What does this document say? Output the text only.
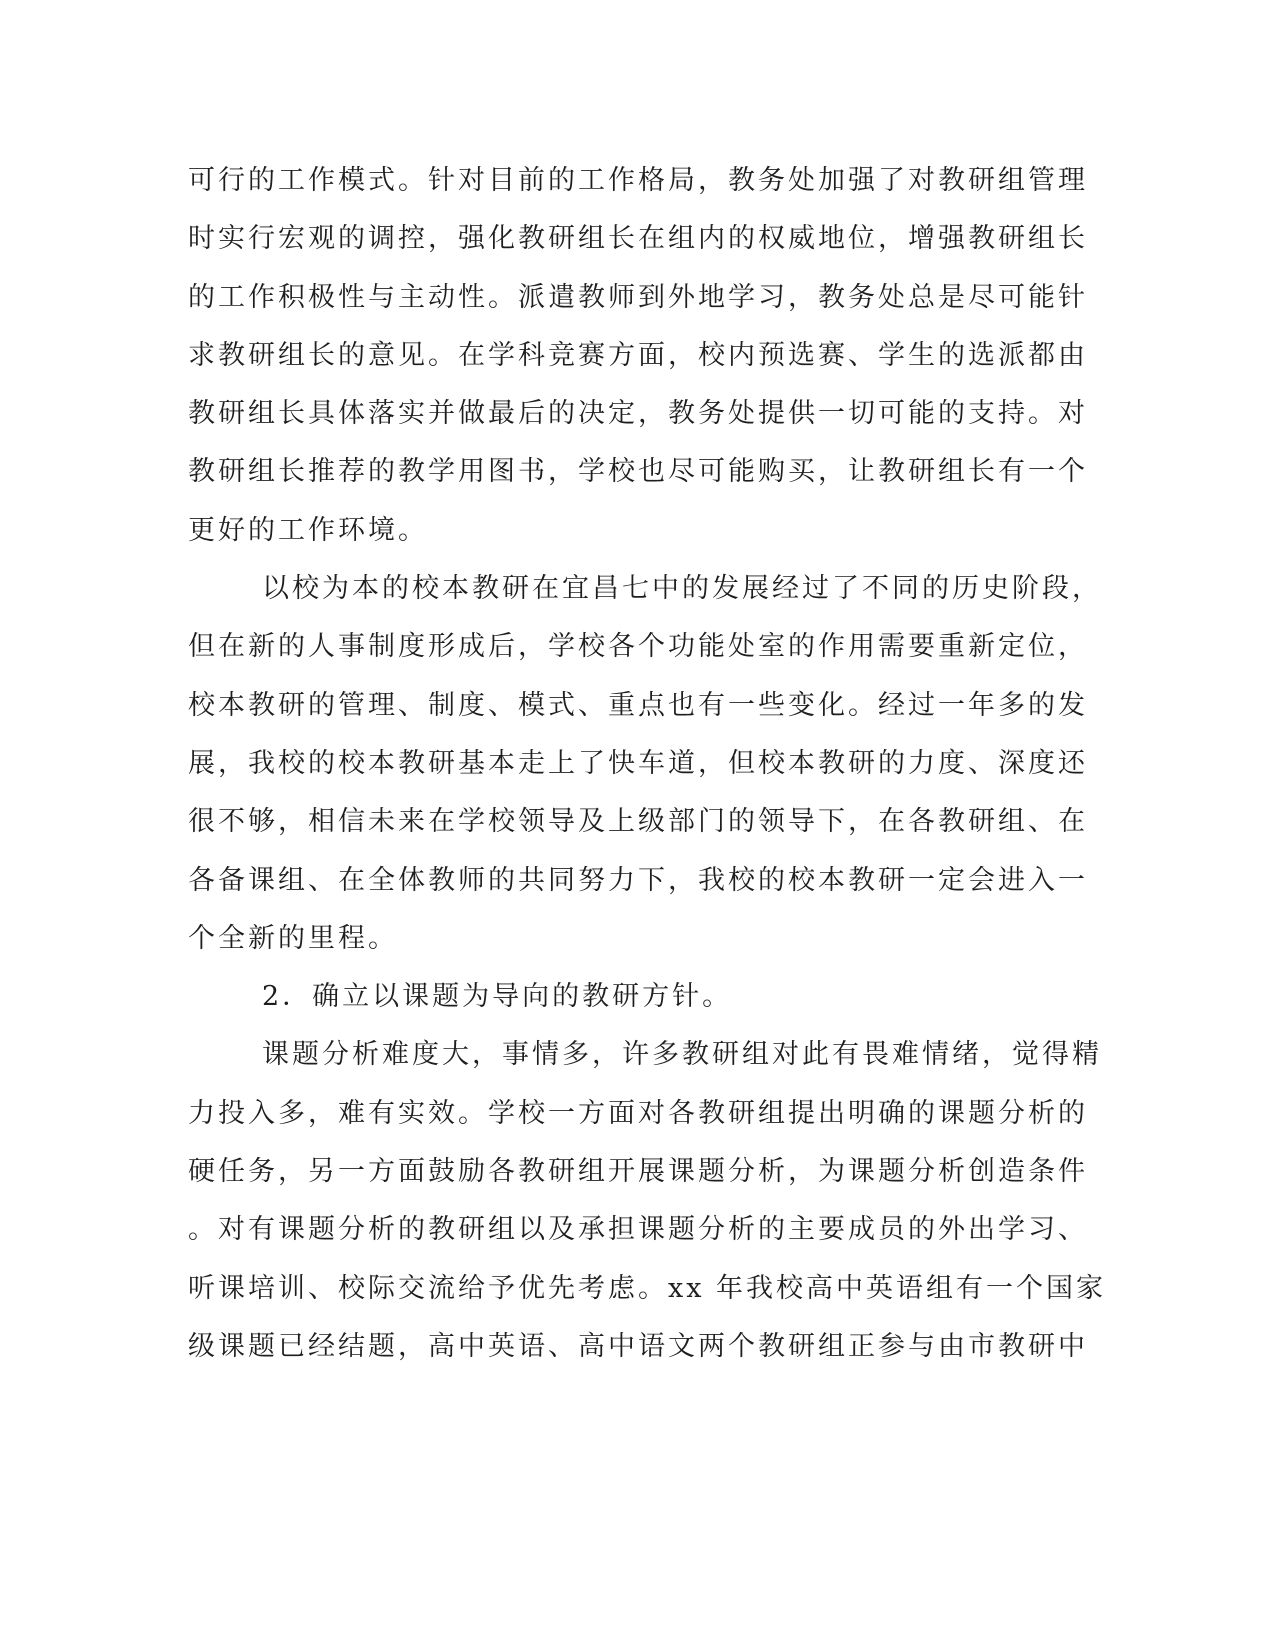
可行的工作模式。针对目前的工作格局，教务处加强了对教研组管理
时实行宏观的调控，强化教研组长在组内的权威地位，增强教研组长
的工作积极性与主动性。派遣教师到外地学习，教务处总是尽可能针
求教研组长的意见。在学科竞赛方面，校内预选赛、学生的选派都由
教研组长具体落实并做最后的决定，教务处提供一切可能的支持。对
教研组长推荐的教学用图书，学校也尽可能购买，让教研组长有一个
更好的工作环境。
以校为本的校本教研在宜昌七中的发展经过了不同的历史阶段，
但在新的人事制度形成后，学校各个功能处室的作用需要重新定位，
校本教研的管理、制度、模式、重点也有一些变化。经过一年多的发
展，我校的校本教研基本走上了快车道，但校本教研的力度、深度还
很不够，相信未来在学校领导及上级部门的领导下，在各教研组、在
各备课组、在全体教师的共同努力下，我校的校本教研一定会进入一
个全新的里程。
2．确立以课题为导向的教研方针。
课题分析难度大，事情多，许多教研组对此有畏难情绪，觉得精
力投入多，难有实效。学校一方面对各教研组提出明确的课题分析的
硬任务，另一方面鼓励各教研组开展课题分析，为课题分析创造条件
。对有课题分析的教研组以及承担课题分析的主要成员的外出学习、
听课培训、校际交流给予优先考虑。xx 年我校高中英语组有一个国家
级课题已经结题，高中英语、高中语文两个教研组正参与由市教研中
